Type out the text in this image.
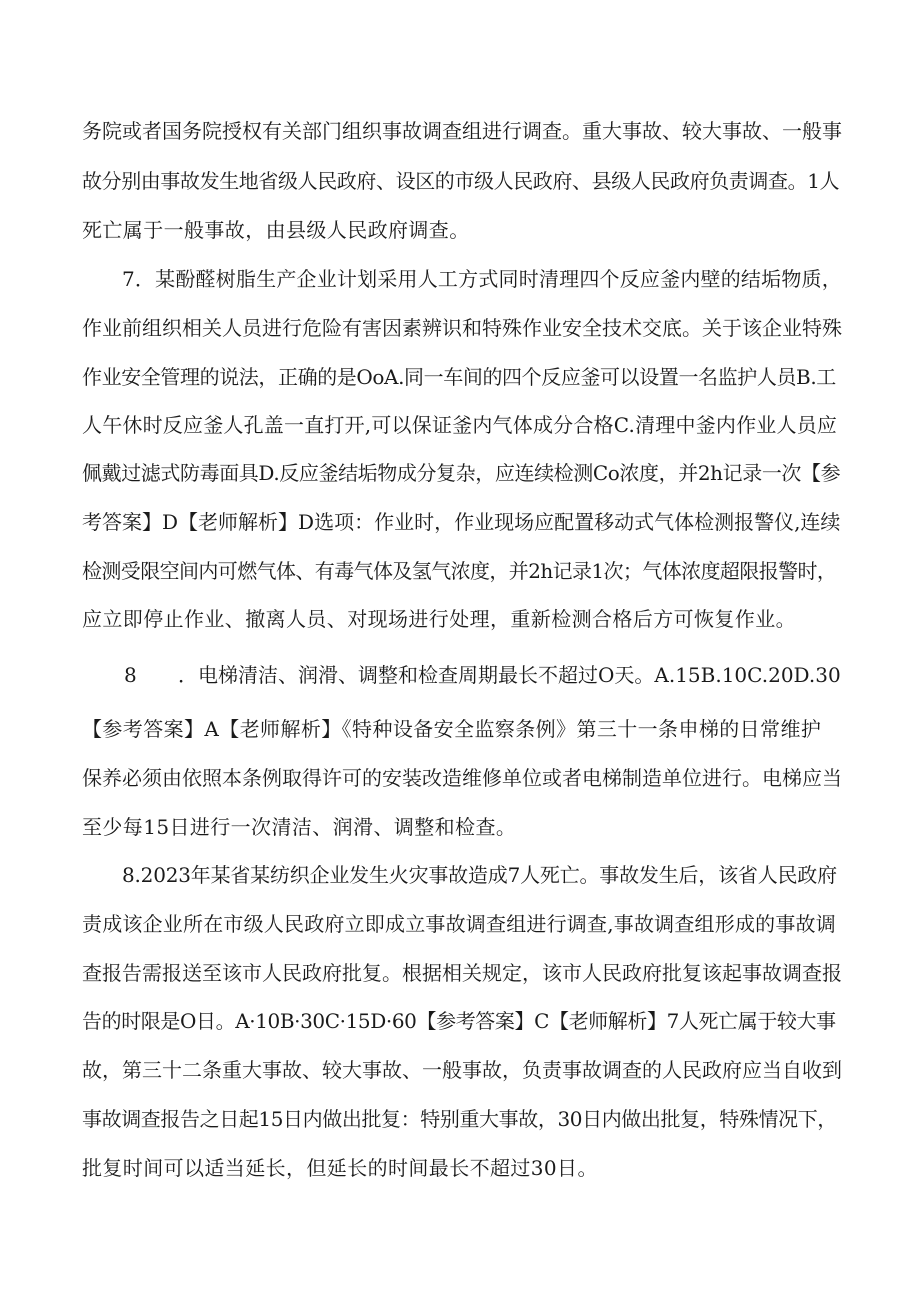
务院或者国务院授权有关部门组织事故调查组进行调查。重大事故、较大事故、一般事
故分别由事故发生地省级人民政府、设区的市级人民政府、县级人民政府负责调查。1人
死亡属于一般事故，由县级人民政府调查。
7．某酚醛树脂生产企业计划采用人工方式同时清理四个反应釜内壁的结垢物质，
作业前组织相关人员进行危险有害因素辨识和特殊作业安全技术交底。关于该企业特殊
作业安全管理的说法，正确的是OoA.同一车间的四个反应釜可以设置一名监护人员B.工
人午休时反应釜人孔盖一直打开,可以保证釜内气体成分合格C.清理中釜内作业人员应
佩戴过滤式防毒面具D.反应釜结垢物成分复杂，应连续检测Co浓度，并2h记录一次【参
考答案】D【老师解析】D选项：作业时，作业现场应配置移动式气体检测报警仪,连续
检测受限空间内可燃气体、有毒气体及氢气浓度，并2h记录1次；气体浓度超限报警时，
应立即停止作业、撤离人员、对现场进行处理，重新检测合格后方可恢复作业。
8 ．电梯清洁、润滑、调整和检查周期最长不超过O天。A.15B.10C.20D.30
【参考答案】A【老师解析】《特种设备安全监察条例》第三十一条申梯的日常维护
保养必须由依照本条例取得许可的安装改造维修单位或者电梯制造单位进行。电梯应当
至少每15日进行一次清洁、润滑、调整和检查。
8.2023年某省某纺织企业发生火灾事故造成7人死亡。事故发生后，该省人民政府
责成该企业所在市级人民政府立即成立事故调查组进行调查,事故调查组形成的事故调
查报告需报送至该市人民政府批复。根据相关规定，该市人民政府批复该起事故调查报
告的时限是O日。A·10B·30C·15D·60【参考答案】C【老师解析】7人死亡属于较大事
故，第三十二条重大事故、较大事故、一般事故，负责事故调查的人民政府应当自收到
事故调查报告之日起15日内做出批复：特别重大事故，30日内做出批复，特殊情况下，
批复时间可以适当延长，但延长的时间最长不超过30日。
